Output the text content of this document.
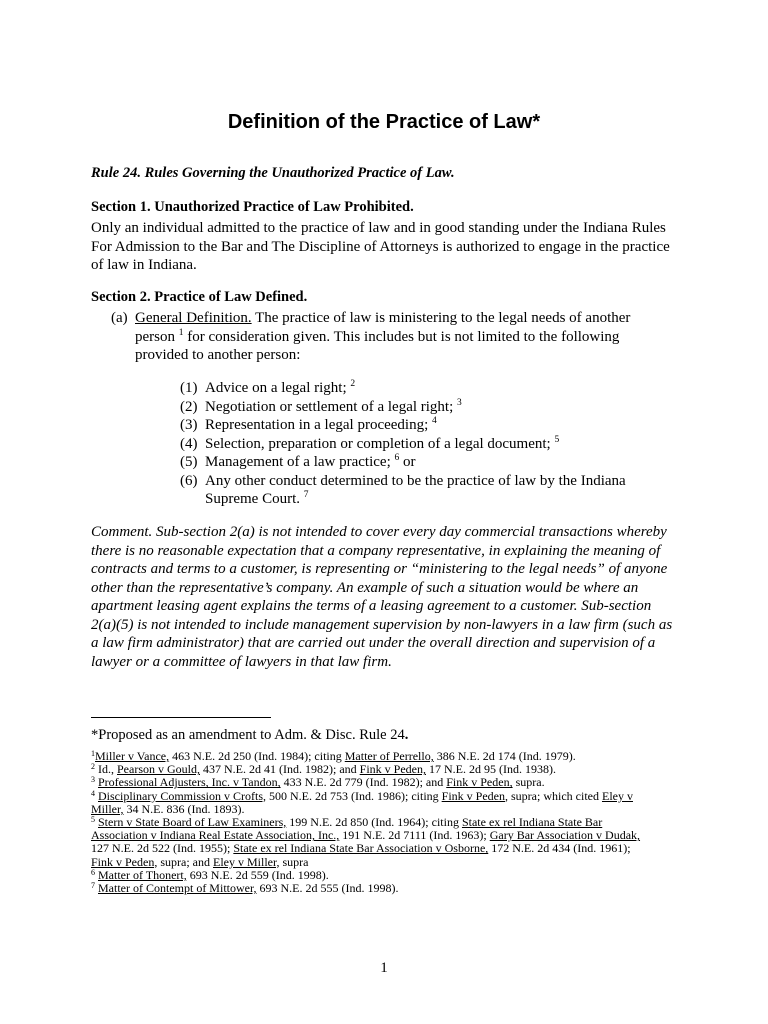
Definition of the Practice of Law*

Rule 24. Rules Governing the Unauthorized Practice of Law.

Section 1. Unauthorized Practice of Law Prohibited.

Only an individual admitted to the practice of law and in good standing under the Indiana Rules
For Admission to the Bar and The Discipline of Attorneys is authorized to engage in the practice
of law in Indiana.

Section 2. Practice of Law Defined.

(a) General Definition. The practice of law is ministering to the legal needs of another
person $^1$ for consideration given. This includes but is not limited to the following
provided to another person:
(1) Advice on a legal right; $^2$
(2) Negotiation or settlement of a legal right; $^3$
(3) Representation in a legal proceeding; $^4$
(4) Selection, preparation or completion of a legal document; $^5$
(5) Management of a law practice; $^6$ or
(6) Any other conduct determined to be the practice of law by the Indiana
Supreme Court. $^7$

Comment. Sub-section 2(a) is not intended to cover every day commercial transactions whereby
there is no reasonable expectation that a company representative, in explaining the meaning of
contracts and terms to a customer, is representing or “ministering to the legal needs” of anyone
other than the representative’s company. An example of such a situation would be where an
apartment leasing agent explains the terms of a leasing agreement to a customer. Sub-section
2(a)(5) is not intended to include management supervision by non-lawyers in a law firm (such as
a law firm administrator) that are carried out under the overall direction and supervision of a
lawyer or a committee of lawyers in that law firm.

*Proposed as an amendment to Adm. & Disc. Rule 24.
$^1$Miller v Vance, 463 N.E. 2d 250 (Ind. 1984); citing Matter of Perrello, 386 N.E. 2d 174 (Ind. 1979).
$^2$ Id., Pearson v Gould, 437 N.E. 2d 41 (Ind. 1982); and Fink v Peden, 17 N.E. 2d 95 (Ind. 1938).
$^3$ Professional Adjusters, Inc. v Tandon, 433 N.E. 2d 779 (Ind. 1982); and Fink v Peden, supra.
$^4$ Disciplinary Commission v Crofts, 500 N.E. 2d 753 (Ind. 1986); citing Fink v Peden, supra; which cited Eley v
Miller, 34 N.E. 836 (Ind. 1893).
$^5$ Stern v State Board of Law Examiners, 199 N.E. 2d 850 (Ind. 1964); citing State ex rel Indiana State Bar
Association v Indiana Real Estate Association, Inc., 191 N.E. 2d 7111 (Ind. 1963); Gary Bar Association v Dudak,
127 N.E. 2d 522 (Ind. 1955); State ex rel Indiana State Bar Association v Osborne, 172 N.E. 2d 434 (Ind. 1961);
Fink v Peden, supra; and Eley v Miller, supra
$^6$ Matter of Thonert, 693 N.E. 2d 559 (Ind. 1998).
$^7$ Matter of Contempt of Mittower, 693 N.E. 2d 555 (Ind. 1998).
1
